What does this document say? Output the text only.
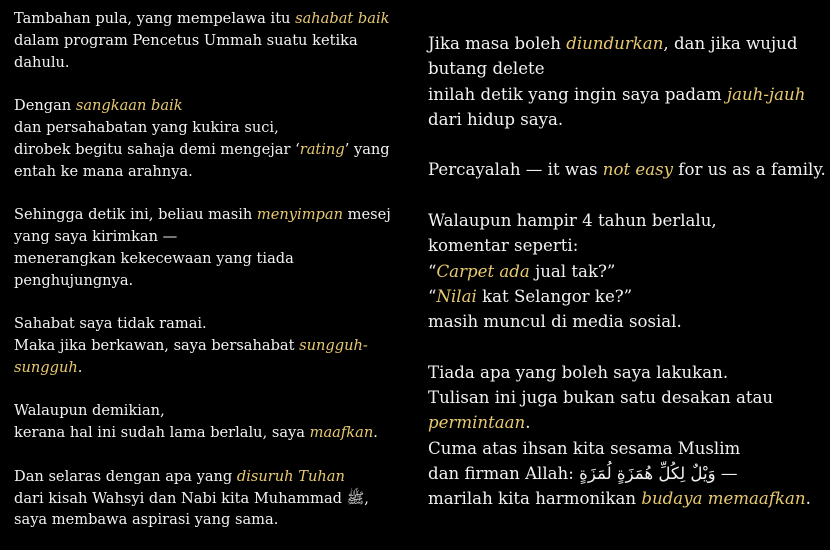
Tambahan pula, yang mempelawa itu sahabat baik
dalam program Pencetus Ummah suatu ketika
dahulu.
Dengan sangkaan baik
dan persahabatan yang kukira suci,
dirobek begitu sahaja demi mengejar ‘rating’ yang
entah ke mana arahnya.
Sehingga detik ini, beliau masih menyimpan mesej
yang saya kirimkan —
menerangkan kekecewaan yang tiada
penghujungnya.
Sahabat saya tidak ramai.
Maka jika berkawan, saya bersahabat sungguh-
sungguh.
Walaupun demikian,
kerana hal ini sudah lama berlalu, saya maafkan.
Dan selaras dengan apa yang disuruh Tuhan
dari kisah Wahsyi dan Nabi kita Muhammad ﷺ,
saya membawa aspirasi yang sama.
Jika masa boleh diundurkan, dan jika wujud
butang delete
inilah detik yang ingin saya padam jauh-jauh
dari hidup saya.
Percayalah — it was not easy for us as a family.
Walaupun hampir 4 tahun berlalu,
komentar seperti:
“Carpet ada jual tak?”
“Nilai kat Selangor ke?”
masih muncul di media sosial.
Tiada apa yang boleh saya lakukan.
Tulisan ini juga bukan satu desakan atau
permintaan.
Cuma atas ihsan kita sesama Muslim
dan firman Allah: وَيْلٌ لِكُلِّ هُمَزَةٍ لُمَزَةٍ —
marilah kita harmonikan budaya memaafkan.
